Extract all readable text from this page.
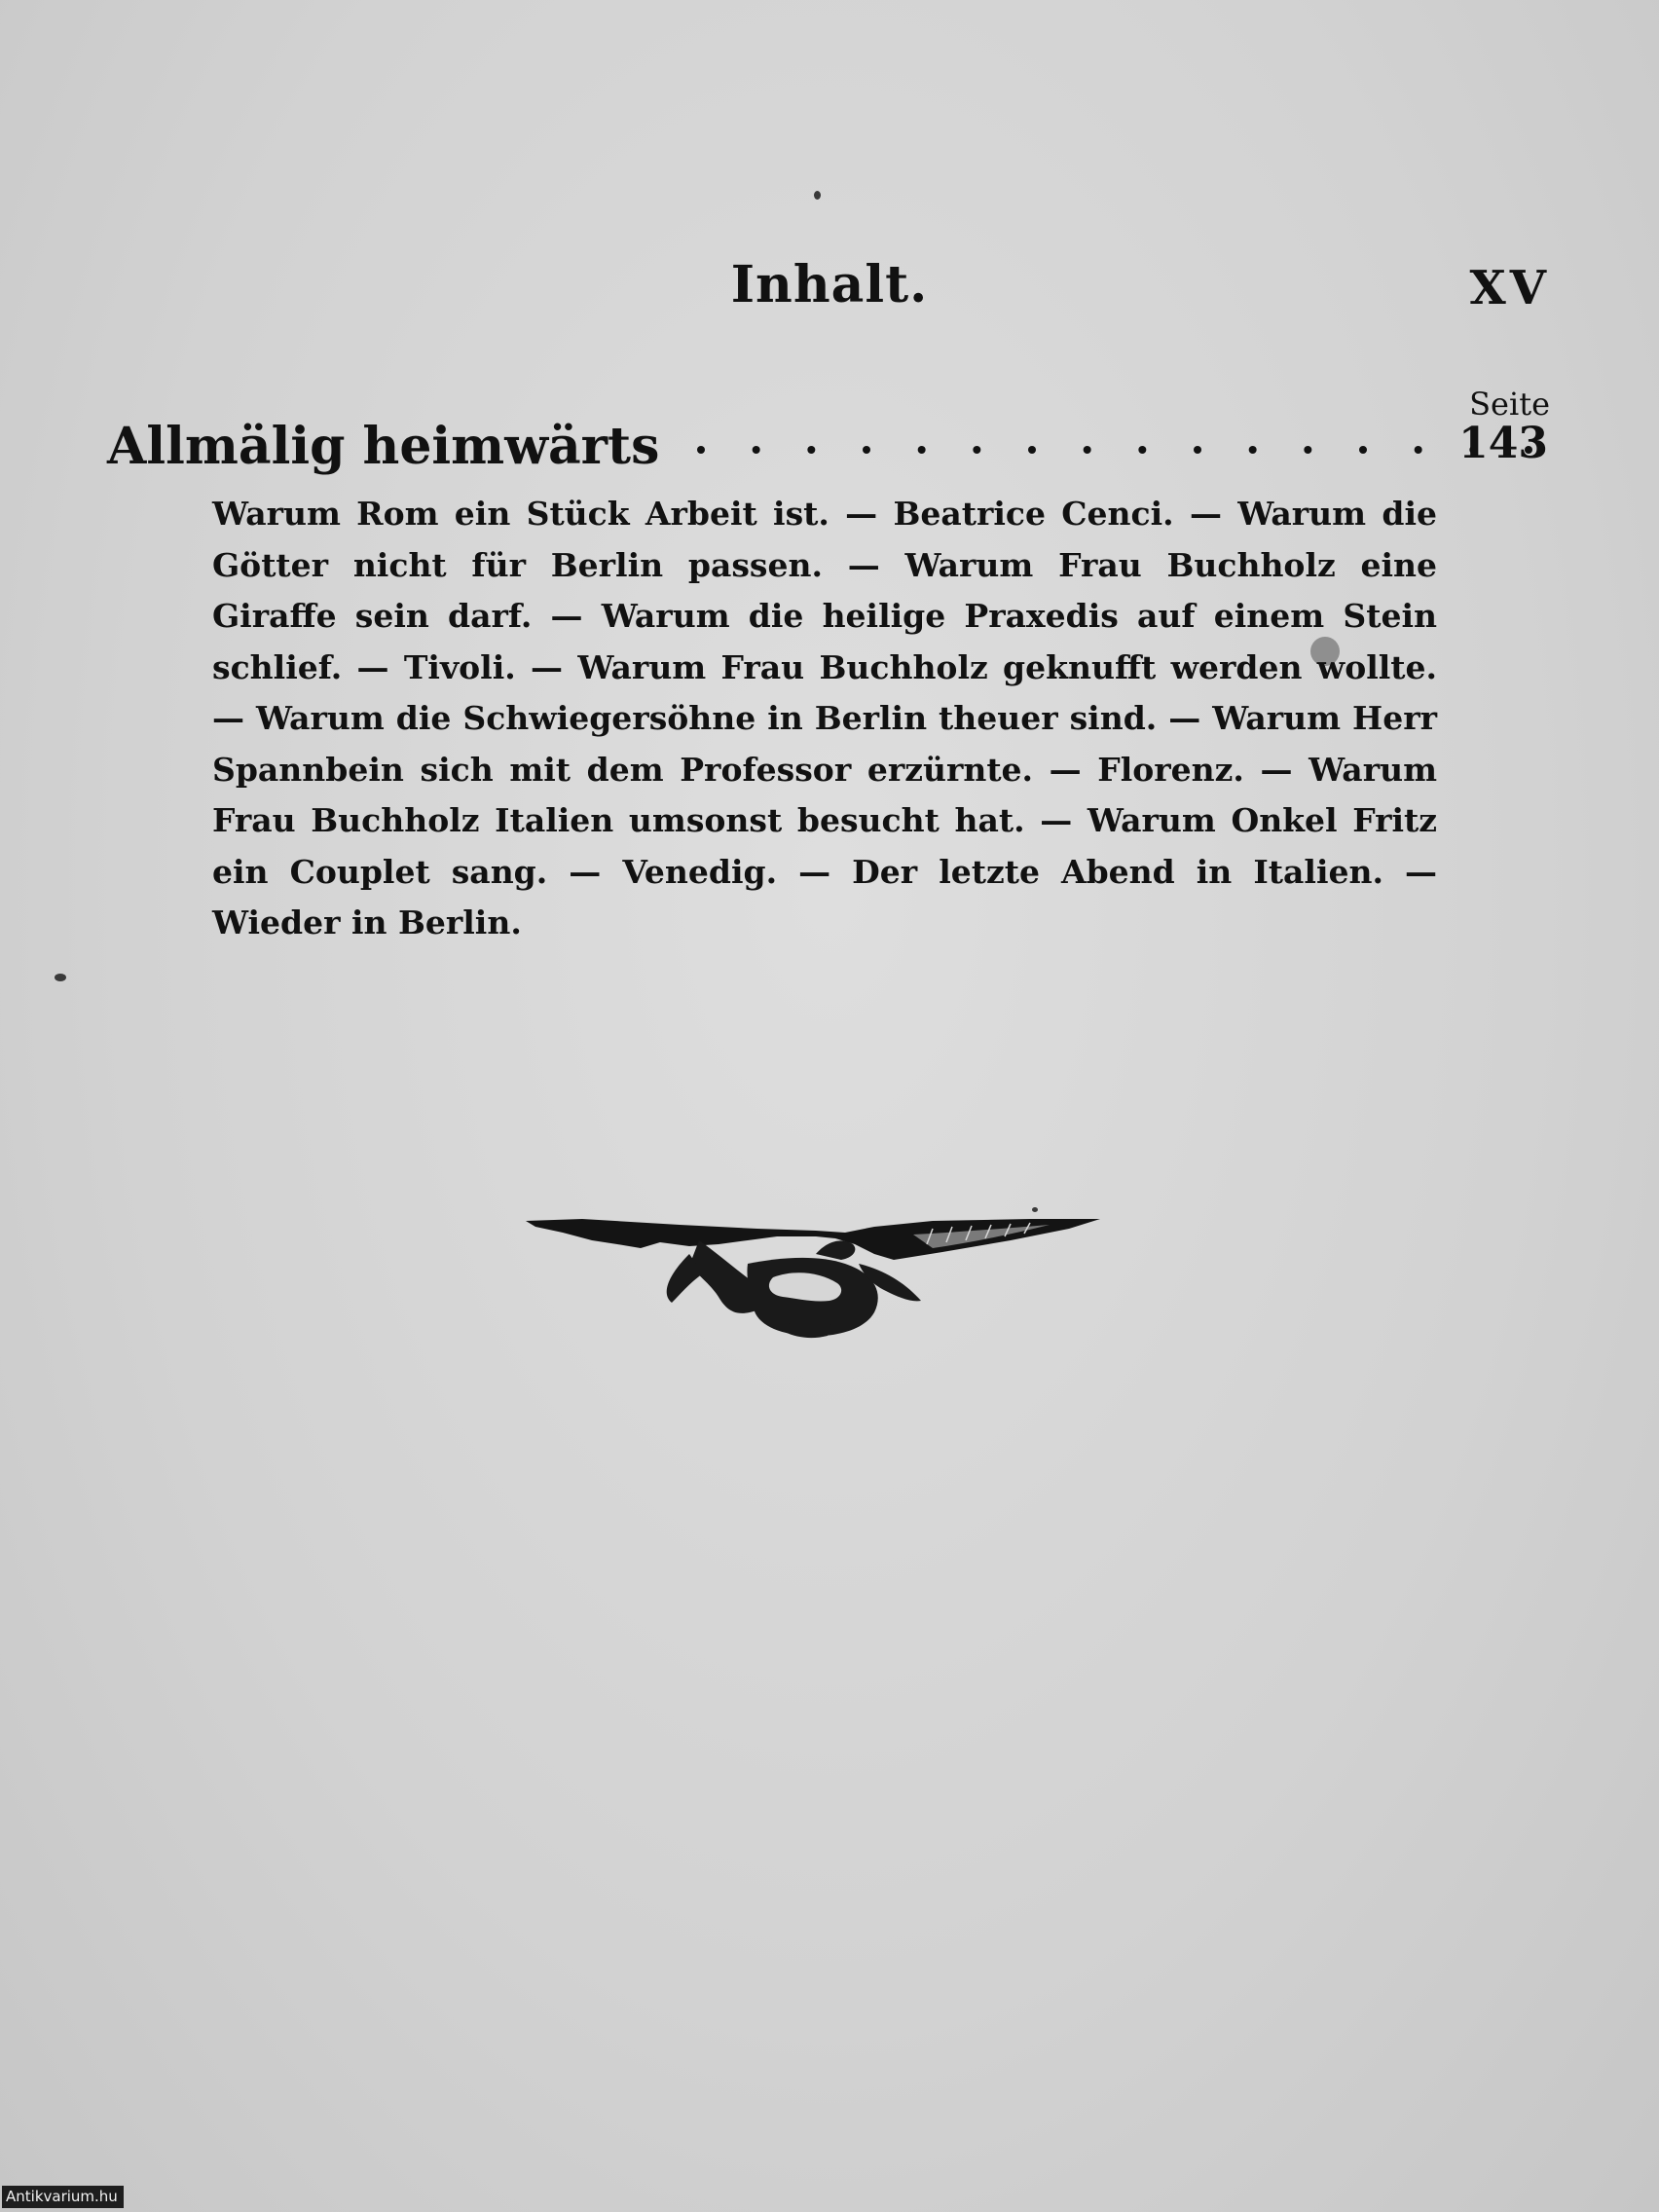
Inhalt.	XV
Seite
Allmälig heimwärts	143
Warum Rom ein Stück Arbeit ist. — Beatrice Cenci. — Warum die Götter nicht für Berlin passen. — Warum Frau Buchholz eine Giraffe sein darf. — Warum die heilige Praxedis auf einem Stein schlief. — Tivoli. — Warum Frau Buchholz geknufft werden wollte. — Warum die Schwiegersöhne in Berlin theuer sind. — Warum Herr Spannbein sich mit dem Professor erzürnte. — Florenz. — Warum Frau Buchholz Italien umsonst besucht hat. — Warum Onkel Fritz ein Couplet sang. — Venedig. — Der letzte Abend in Italien. — Wieder in Berlin.
Antikvarium.hu
